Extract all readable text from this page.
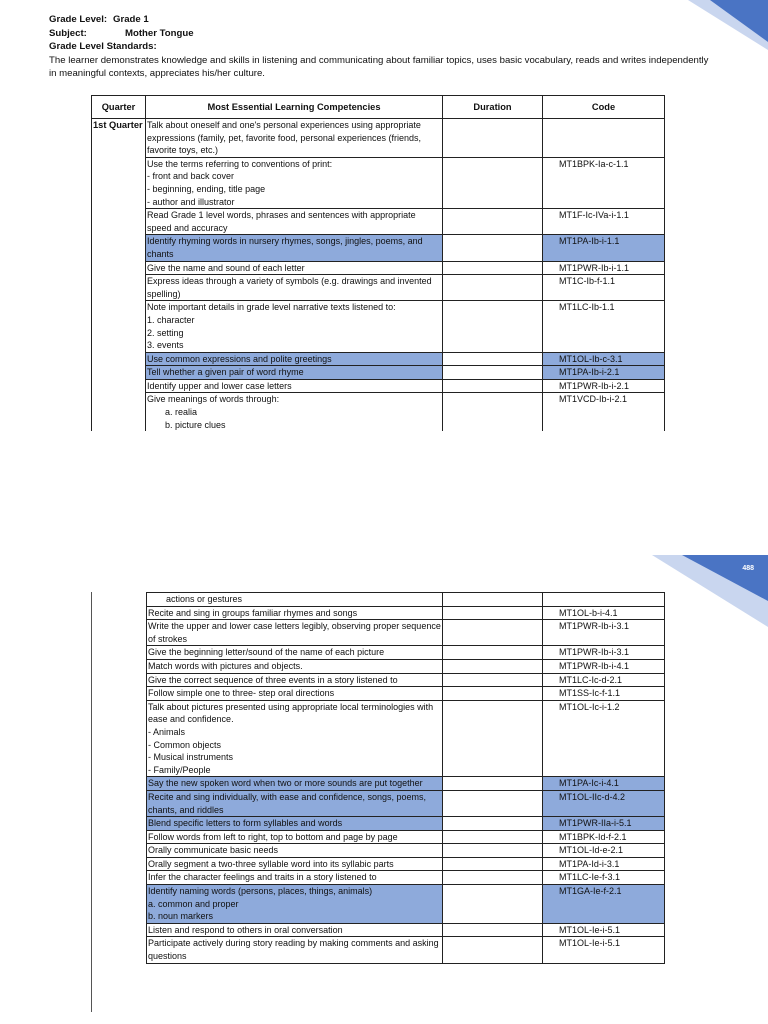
Grade Level: Grade 1
Subject:	Mother Tongue
Grade Level Standards:
The learner demonstrates knowledge and skills in listening and communicating about familiar topics, uses basic vocabulary, reads and writes independently in meaningful contexts, appreciates his/her culture.
Quarter	Most Essential Learning Competencies	Duration	Code
1st Quarter	Talk about oneself and one's personal experiences using appropriate expressions (family, pet, favorite food, personal experiences (friends, favorite toys, etc.)		

	Use the terms referring to conventions of print:
- front and back cover
- beginning, ending, title page
- author and illustrator		MT1BPK-Ia-c-1.1

	Read Grade 1 level words, phrases and sentences with appropriate speed and accuracy		MT1F-Ic-IVa-i-1.1

	Identify rhyming words in nursery rhymes, songs, jingles, poems, and chants		MT1PA-Ib-i-1.1

	Give the name and sound of each letter		MT1PWR-Ib-i-1.1

	Express ideas through a variety of symbols (e.g. drawings and invented spelling)		MT1C-Ib-f-1.1

	Note important details in grade level narrative texts listened to:
1. character
2. setting
3. events		MT1LC-Ib-1.1

	Use common expressions and polite greetings		MT1OL-Ib-c-3.1

	Tell whether a given pair of word rhyme		MT1PA-Ib-i-2.1

	Identify upper and lower case letters		MT1PWR-Ib-i-2.1

	Give meanings of words through:
a. realia
b. picture clues		MT1VCD-Ib-i-2.1
488
actions or gestures		

Recite and sing in groups familiar rhymes and songs		MT1OL-b-i-4.1

Write the upper and lower case letters legibly, observing proper sequence of strokes		MT1PWR-Ib-i-3.1

Give the beginning letter/sound of the name of each picture		MT1PWR-Ib-i-3.1

Match words with pictures and objects.		MT1PWR-Ib-i-4.1

Give the correct sequence of three events in a story listened to		MT1LC-Ic-d-2.1

Follow simple one to three- step oral directions		MT1SS-Ic-f-1.1

Talk about pictures presented using appropriate local terminologies with ease and confidence.
- Animals
- Common objects
- Musical instruments
- Family/People		MT1OL-Ic-i-1.2

Say the new spoken word when two or more sounds are put together		MT1PA-Ic-i-4.1

Recite and sing individually, with ease and confidence, songs, poems, chants, and riddles		MT1OL-IIc-d-4.2

Blend specific letters to form syllables and words		MT1PWR-IIa-i-5.1

Follow words from left to right, top to bottom and page by page		MT1BPK-Id-f-2.1

Orally communicate basic needs		MT1OL-Id-e-2.1

Orally segment a two-three syllable word into its syllabic parts		MT1PA-Id-i-3.1

Infer the character feelings and traits in a story listened to		MT1LC-Ie-f-3.1

Identify naming words (persons, places, things, animals)
a. common and proper
b. noun markers		MT1GA-Ie-f-2.1

Listen and respond to others in oral conversation		MT1OL-Ie-i-5.1

Participate actively during story reading by making comments and asking questions		MT1OL-Ie-i-5.1
